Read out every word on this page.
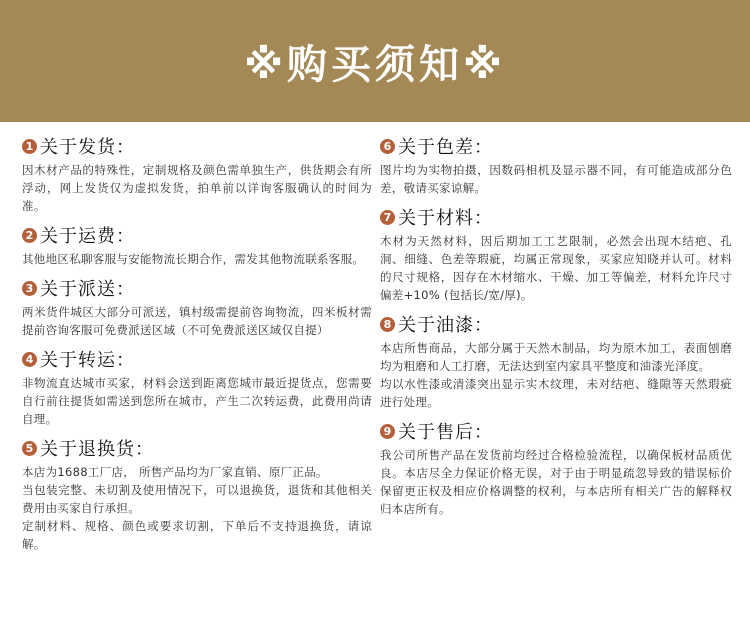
※购买须知※
1 关于发货：

因木材产品的特殊性，定制规格及颜色需单独生产，供货期会有所浮动，网上发货仅为虚拟发货，拍单前以详询客服确认的时间为准。

2 关于运费：

其他地区私聊客服与安能物流长期合作，需发其他物流联系客服。

3 关于派送：

两米货件城区大部分可派送，镇村级需提前咨询物流，四米板材需提前咨询客服可免费派送区域（不可免费派送区域仅自提）

4 关于转运：

非物流直达城市买家，材料会送到距离您城市最近提货点，您需要自行前往提货如需送到您所在城市，产生二次转运费，此费用尚请自理。

5 关于退换货：

本店为1688工厂店， 所售产品均为厂家直销、原厂正品。

当包装完整、未切割及使用情况下，可以退换货，退货和其他相关费用由买家自行承担。

定制材料、规格、颜色或要求切割，下单后不支持退换货，请谅解。

6 关于色差：

图片均为实物拍摄，因数码相机及显示器不同，有可能造成部分色差，敬请买家谅解。

7 关于材料：

木材为天然材料，因后期加工工艺限制，必然会出现木结疤、孔洞、细缝、色差等瑕疵，均属正常现象，买家应知晓并认可。材料的尺寸规格，因存在木材缩水、干燥、加工等偏差，材料允许尺寸偏差+10% (包括长/宽/厚)。

8 关于油漆：

本店所售商品，大部分属于天然木制品，均为原木加工，表面刨磨均为粗磨和人工打磨，无法达到室内家具平整度和油漆光泽度。

均以水性漆或清漆突出显示实木纹理，未对结疤、缝隙等天然瑕疵进行处理。

9 关于售后：

我公司所售产品在发货前均经过合格检验流程，以确保板材品质优良。本店尽全力保证价格无误，对于由于明显疏忽导致的错误标价保留更正权及相应价格调整的权利，与本店所有相关广告的解释权归本店所有。
